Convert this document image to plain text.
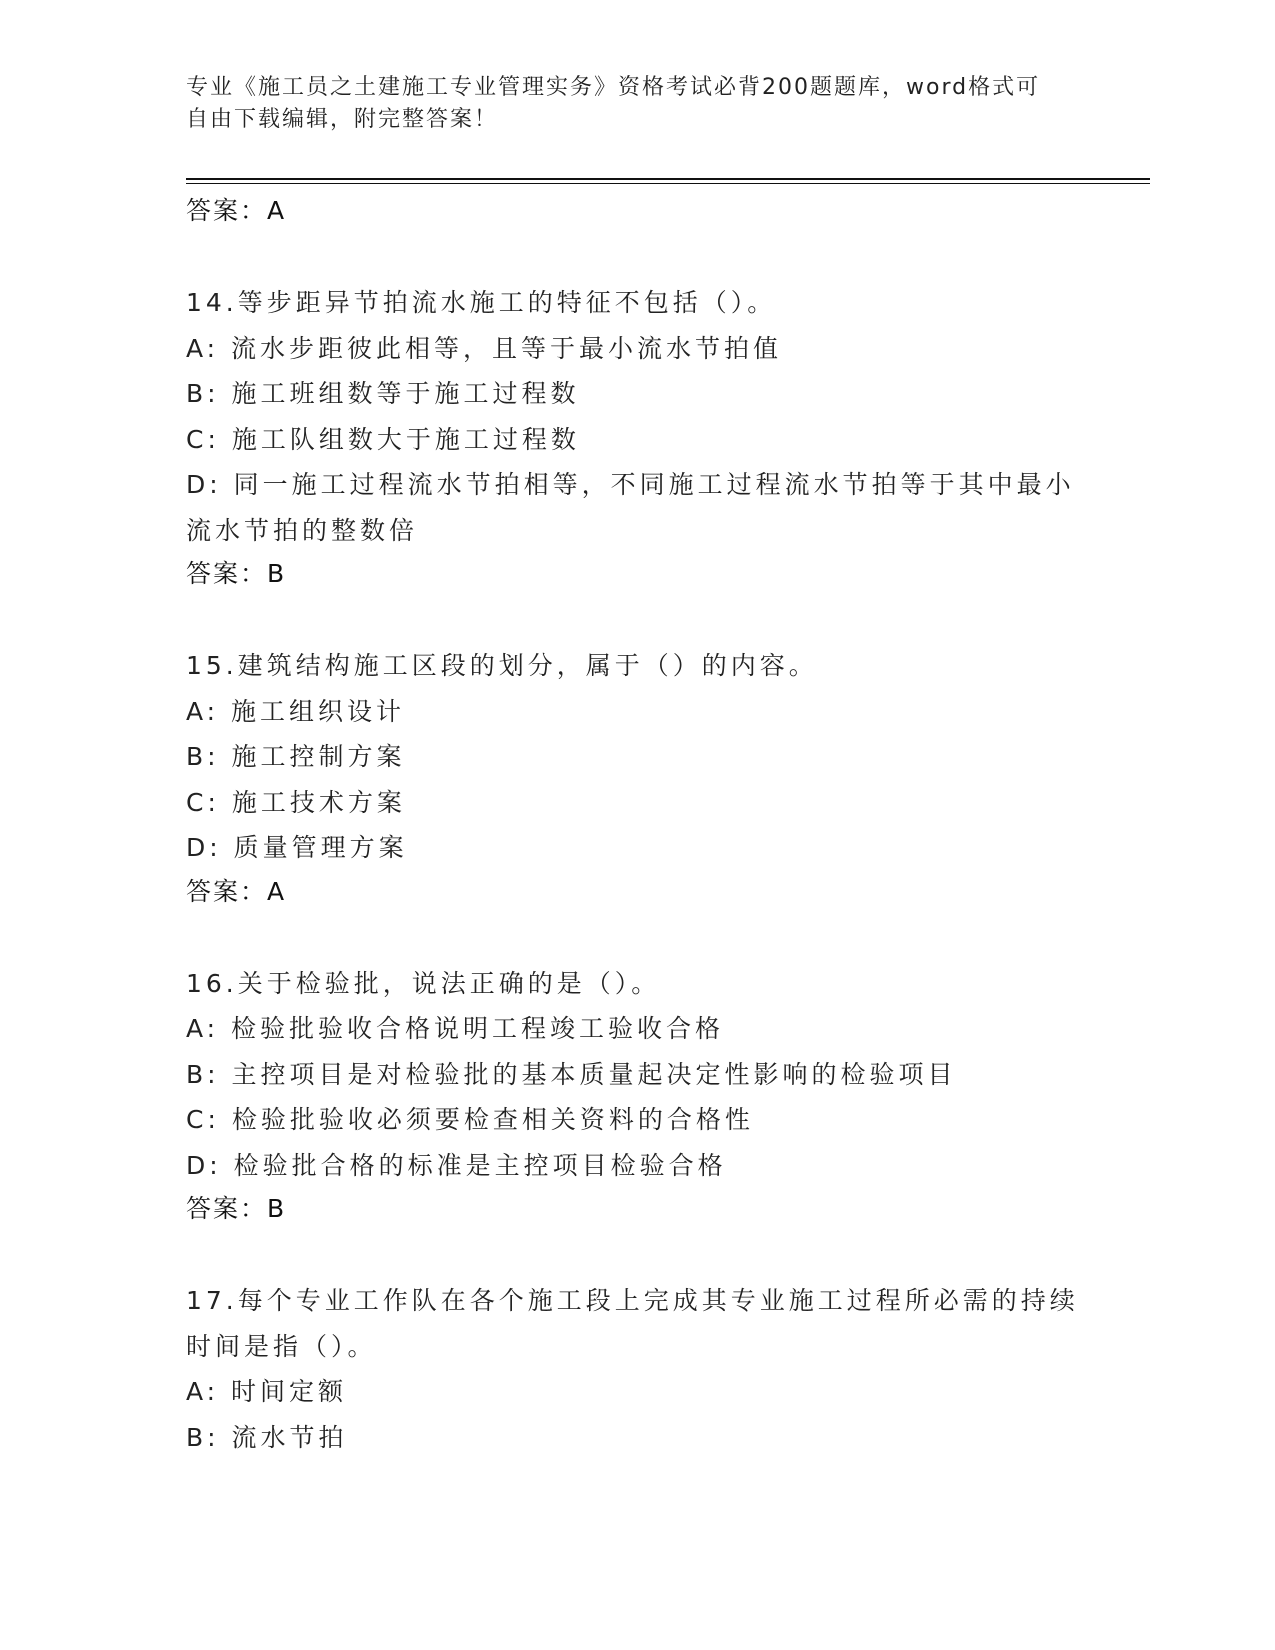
专业《施工员之土建施工专业管理实务》资格考试必背200题题库，word格式可
自由下载编辑，附完整答案！
答案：A
14.等步距异节拍流水施工的特征不包括（）。
A: 流水步距彼此相等，且等于最小流水节拍值
B: 施工班组数等于施工过程数
C: 施工队组数大于施工过程数
D: 同一施工过程流水节拍相等，不同施工过程流水节拍等于其中最小
流水节拍的整数倍
答案：B
15.建筑结构施工区段的划分，属于（）的内容。
A: 施工组织设计
B: 施工控制方案
C: 施工技术方案
D: 质量管理方案
答案：A
16.关于检验批，说法正确的是（）。
A: 检验批验收合格说明工程竣工验收合格
B: 主控项目是对检验批的基本质量起决定性影响的检验项目
C: 检验批验收必须要检查相关资料的合格性
D: 检验批合格的标准是主控项目检验合格
答案：B
17.每个专业工作队在各个施工段上完成其专业施工过程所必需的持续
时间是指（）。
A: 时间定额
B: 流水节拍
